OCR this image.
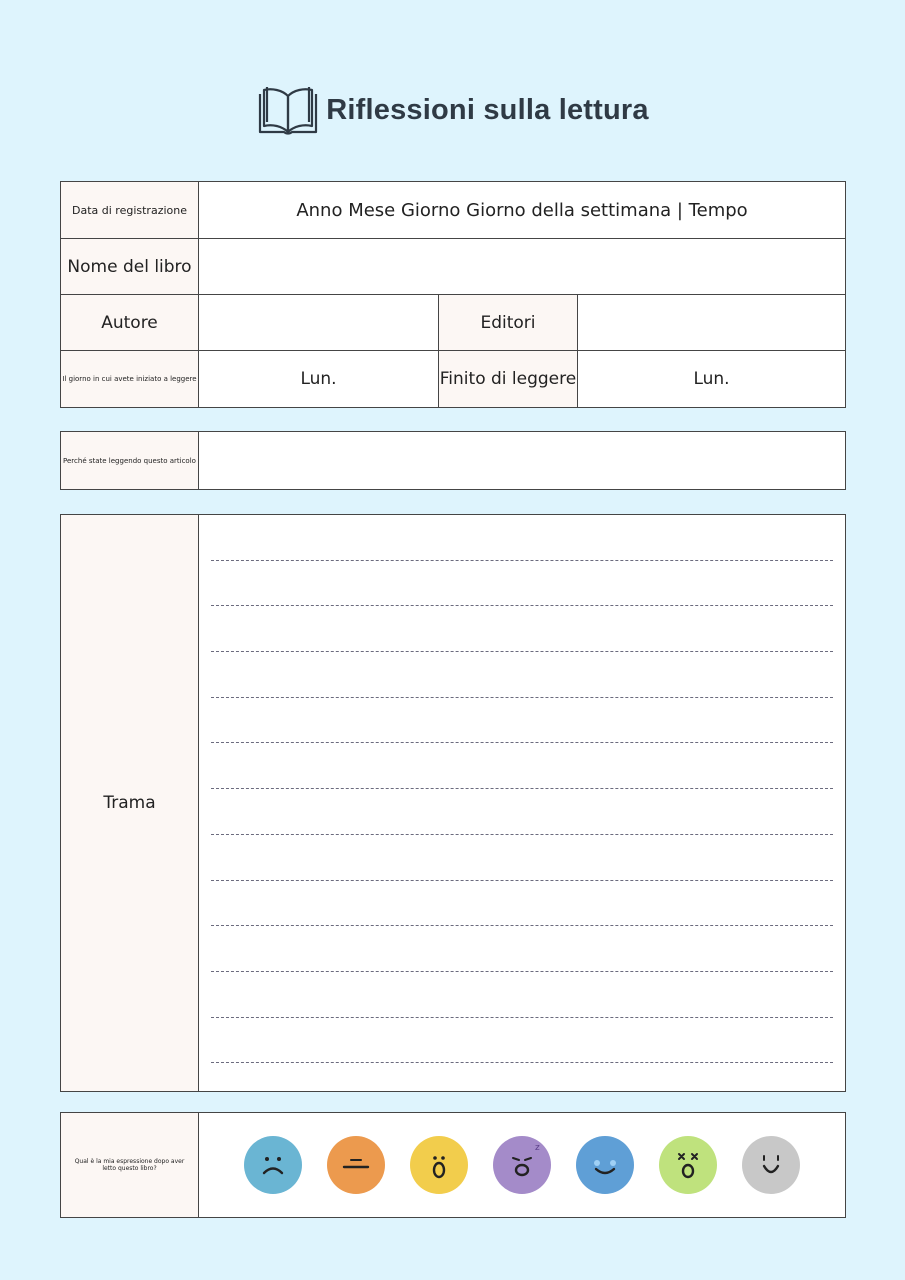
Riflessioni sulla lettura
Data di registrazione	Anno Mese Giorno Giorno della settimana | Tempo		
Nome del libro			
Autore		Editori	
Il giorno in cui avete iniziato a leggere	Lun.	Finito di leggere	Lun.
Perché state leggendo questo articolo	
Trama	
Qual è la mia espressione dopo aver letto questo libro?	
z
